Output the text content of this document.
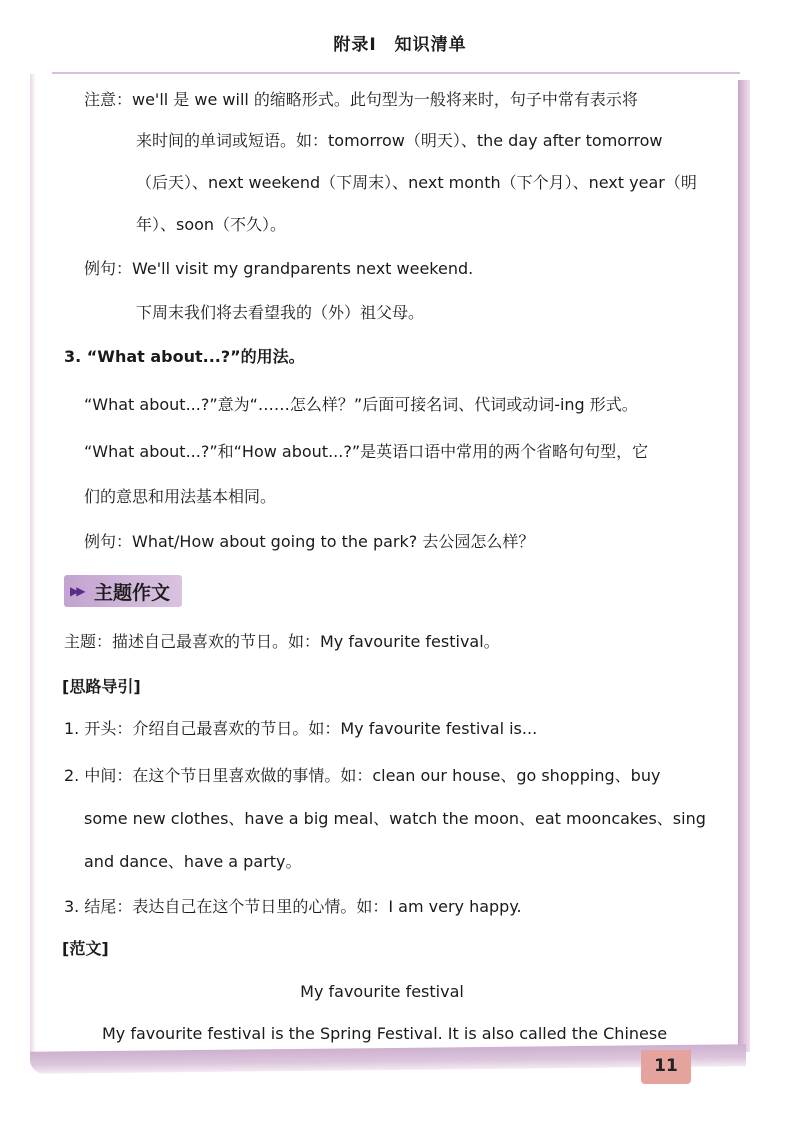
附录Ⅰ　知识清单
注意：we'll 是 we will 的缩略形式。此句型为一般将来时，句子中常有表示将
来时间的单词或短语。如：tomorrow（明天）、the day after tomorrow
（后天）、next weekend（下周末）、next month（下个月）、next year（明
年）、soon（不久）。
例句：We'll visit my grandparents next weekend.
下周末我们将去看望我的（外）祖父母。
3. “What about...?”的用法。
“What about...?”意为“……怎么样？”后面可接名词、代词或动词-ing 形式。
“What about...?”和“How about...?”是英语口语中常用的两个省略句句型，它
们的意思和用法基本相同。
例句：What/How about going to the park? 去公园怎么样？
▶▶ 主题作文
主题：描述自己最喜欢的节日。如：My favourite festival。
[思路导引]
1. 开头：介绍自己最喜欢的节日。如：My favourite festival is...
2. 中间：在这个节日里喜欢做的事情。如：clean our house、go shopping、buy
some new clothes、have a big meal、watch the moon、eat mooncakes、sing
and dance、have a party。
3. 结尾：表达自己在这个节日里的心情。如：I am very happy.
[范文]
My favourite festival
My favourite festival is the Spring Festival. It is also called the Chinese
11
